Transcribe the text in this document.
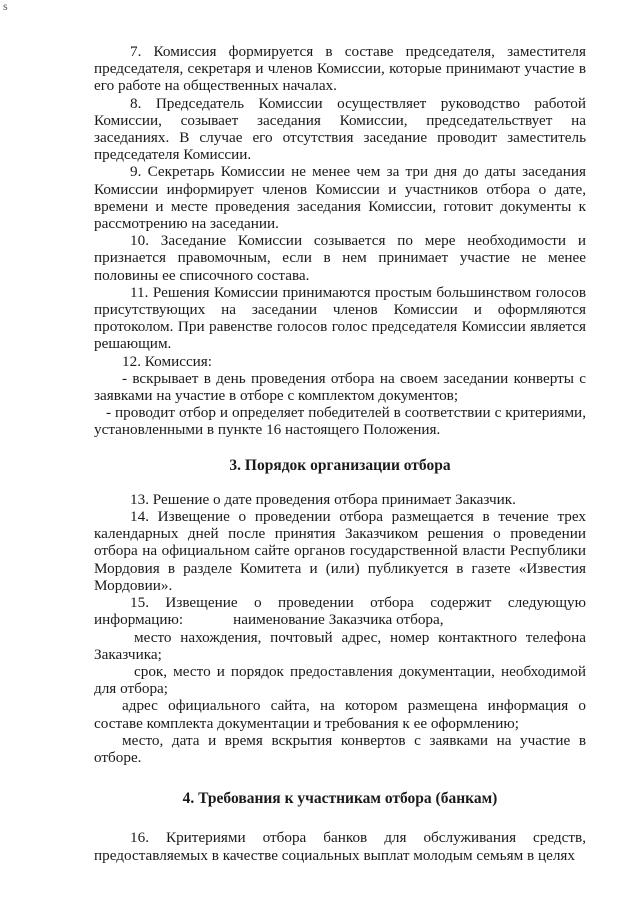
s

7. Комиссия формируется в составе председателя, заместителя председателя, секретаря и членов Комиссии, которые принимают участие в его работе на общественных началах.

8. Председатель Комиссии осуществляет руководство работой Комиссии, созывает заседания Комиссии, председательствует на заседаниях. В случае его отсутствия заседание проводит заместитель председателя Комиссии.

9. Секретарь Комиссии не менее чем за три дня до даты заседания Комиссии информирует членов Комиссии и участников отбора о дате, времени и месте проведения заседания Комиссии, готовит документы к рассмотрению на заседании.

10. Заседание Комиссии созывается по мере необходимости и признается правомочным, если в нем принимает участие не менее половины ее списочного состава.

11. Решения Комиссии принимаются простым большинством голосов присутствующих на заседании членов Комиссии и оформляются протоколом. При равенстве голосов голос председателя Комиссии является решающим.

12. Комиссия:

- вскрывает в день проведения отбора на своем заседании конверты с заявками на участие в отборе с комплектом документов;

- проводит отбор и определяет победителей в соответствии с критериями, установленными в пункте 16 настоящего Положения.

3. Порядок организации отбора

13. Решение о дате проведения отбора принимает Заказчик.

14. Извещение о проведении отбора размещается в течение трех календарных дней после принятия Заказчиком решения о проведении отбора на официальном сайте органов государственной власти Республики Мордовия в разделе Комитета и (или) публикуется в газете «Известия Мордовии».

15. Извещение о проведении отбора содержит следующую

информацию:	наименование Заказчика отбора,

место нахождения, почтовый адрес, номер контактного телефона Заказчика;

срок, место и порядок предоставления документации, необходимой для отбора;

адрес официального сайта, на котором размещена информация о составе комплекта документации и требования к ее оформлению;

место, дата и время вскрытия конвертов с заявками на участие в отборе.

4. Требования к участникам отбора (банкам)

16. Критериями отбора банков для обслуживания средств, предоставляемых в качестве социальных выплат молодым семьям в целях
